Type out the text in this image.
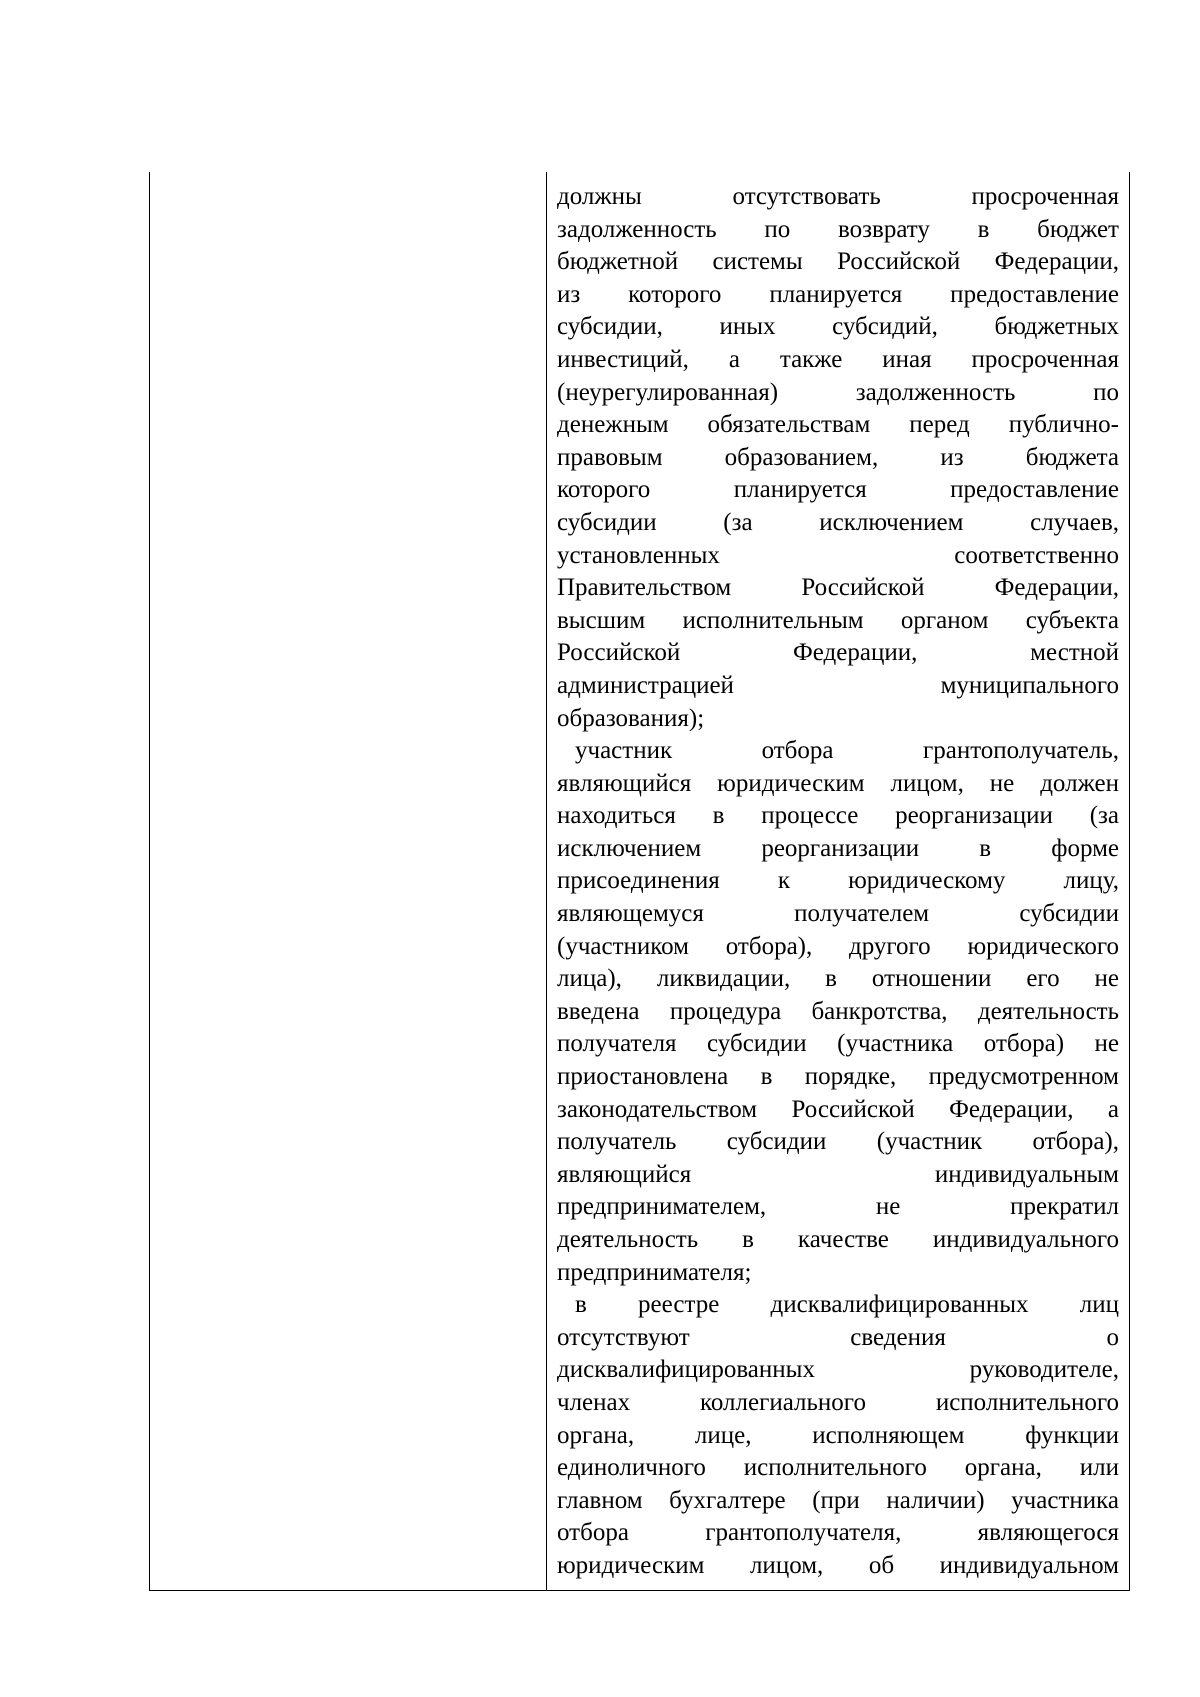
должны отсутствовать просроченная
задолженность по возврату в бюджет
бюджетной системы Российской Федерации,
из которого планируется предоставление
субсидии, иных субсидий, бюджетных
инвестиций, а также иная просроченная
(неурегулированная) задолженность по
денежным обязательствам перед публично-
правовым образованием, из бюджета
которого планируется предоставление
субсидии (за исключением случаев,
установленных соответственно
Правительством Российской Федерации,
высшим исполнительным органом субъекта
Российской Федерации, местной
администрацией муниципального
образования);
участник отбора грантополучатель,
являющийся юридическим лицом, не должен
находиться в процессе реорганизации (за
исключением реорганизации в форме
присоединения к юридическому лицу,
являющемуся получателем субсидии
(участником отбора), другого юридического
лица), ликвидации, в отношении его не
введена процедура банкротства, деятельность
получателя субсидии (участника отбора) не
приостановлена в порядке, предусмотренном
законодательством Российской Федерации, а
получатель субсидии (участник отбора),
являющийся индивидуальным
предпринимателем, не прекратил
деятельность в качестве индивидуального
предпринимателя;
в реестре дисквалифицированных лиц
отсутствуют сведения о
дисквалифицированных руководителе,
членах коллегиального исполнительного
органа, лице, исполняющем функции
единоличного исполнительного органа, или
главном бухгалтере (при наличии) участника
отбора грантополучателя, являющегося
юридическим лицом, об индивидуальном
